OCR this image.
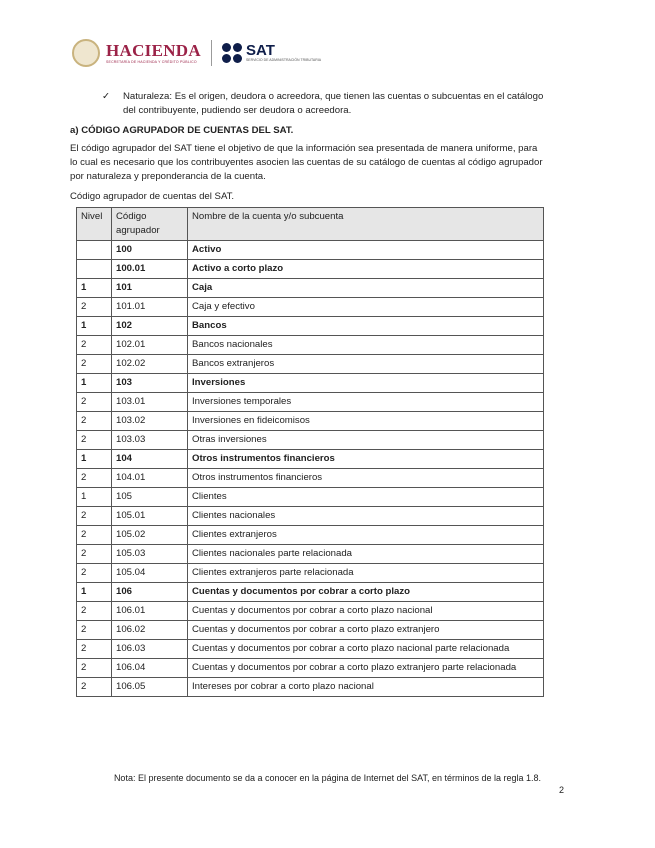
HACIENDA
SECRETARÍA DE HACIENDA Y CRÉDITO PÚBLICO
SAT
SERVICIO DE ADMINISTRACIÓN TRIBUTARIA

✓ Naturaleza: Es el origen, deudora o acreedora, que tienen las cuentas o subcuentas en el catálogo del contribuyente, pudiendo ser deudora o acreedora.

a) CÓDIGO AGRUPADOR DE CUENTAS DEL SAT.

El código agrupador del SAT tiene el objetivo de que la información sea presentada de manera uniforme, para lo cual es necesario que los contribuyentes asocien las cuentas de su catálogo de cuentas al código agrupador por naturaleza y preponderancia de la cuenta.

Código agrupador de cuentas del SAT.

Nivel	Código agrupador	Nombre de la cuenta y/o subcuenta
	100	Activo
	100.01	Activo a corto plazo
1	101	Caja
2	101.01	Caja y efectivo
1	102	Bancos
2	102.01	Bancos nacionales
2	102.02	Bancos extranjeros
1	103	Inversiones
2	103.01	Inversiones temporales
2	103.02	Inversiones en fideicomisos
2	103.03	Otras inversiones
1	104	Otros instrumentos financieros
2	104.01	Otros instrumentos financieros
1	105	Clientes
2	105.01	Clientes nacionales
2	105.02	Clientes extranjeros
2	105.03	Clientes nacionales parte relacionada
2	105.04	Clientes extranjeros parte relacionada
1	106	Cuentas y documentos por cobrar a corto plazo
2	106.01	Cuentas y documentos por cobrar a corto plazo nacional
2	106.02	Cuentas y documentos por cobrar a corto plazo extranjero
2	106.03	Cuentas y documentos por cobrar a corto plazo nacional parte relacionada
2	106.04	Cuentas y documentos por cobrar a corto plazo extranjero parte relacionada
2	106.05	Intereses por cobrar a corto plazo nacional
Nota: El presente documento se da a conocer en la página de Internet del SAT, en términos de la regla 1.8.
2
